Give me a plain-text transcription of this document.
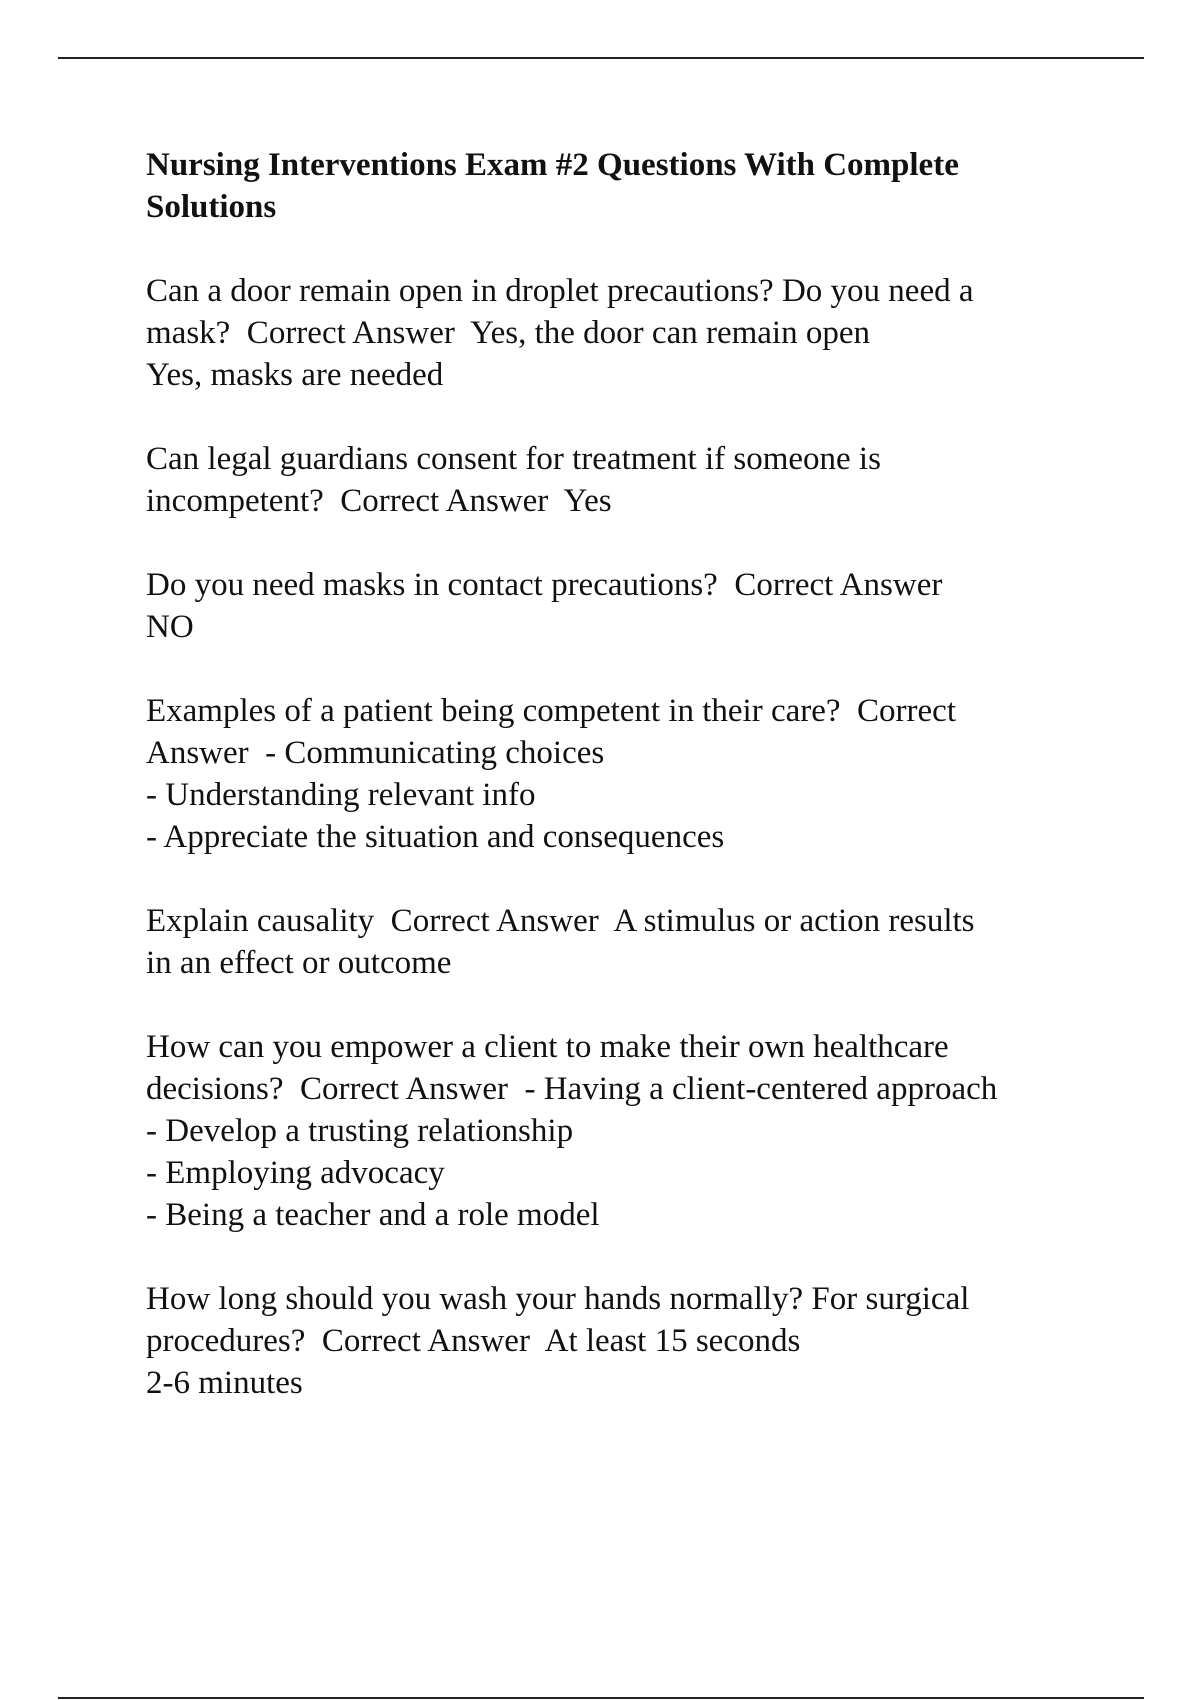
Nursing Interventions Exam #2 Questions With Complete
Solutions
Can a door remain open in droplet precautions? Do you need a
mask?  Correct Answer  Yes, the door can remain open
Yes, masks are needed
Can legal guardians consent for treatment if someone is
incompetent?  Correct Answer  Yes
Do you need masks in contact precautions?  Correct Answer
NO
Examples of a patient being competent in their care?  Correct
Answer  - Communicating choices
- Understanding relevant info
- Appreciate the situation and consequences
Explain causality  Correct Answer  A stimulus or action results
in an effect or outcome
How can you empower a client to make their own healthcare
decisions?  Correct Answer  - Having a client-centered approach
- Develop a trusting relationship
- Employing advocacy
- Being a teacher and a role model
How long should you wash your hands normally? For surgical
procedures?  Correct Answer  At least 15 seconds
2-6 minutes
